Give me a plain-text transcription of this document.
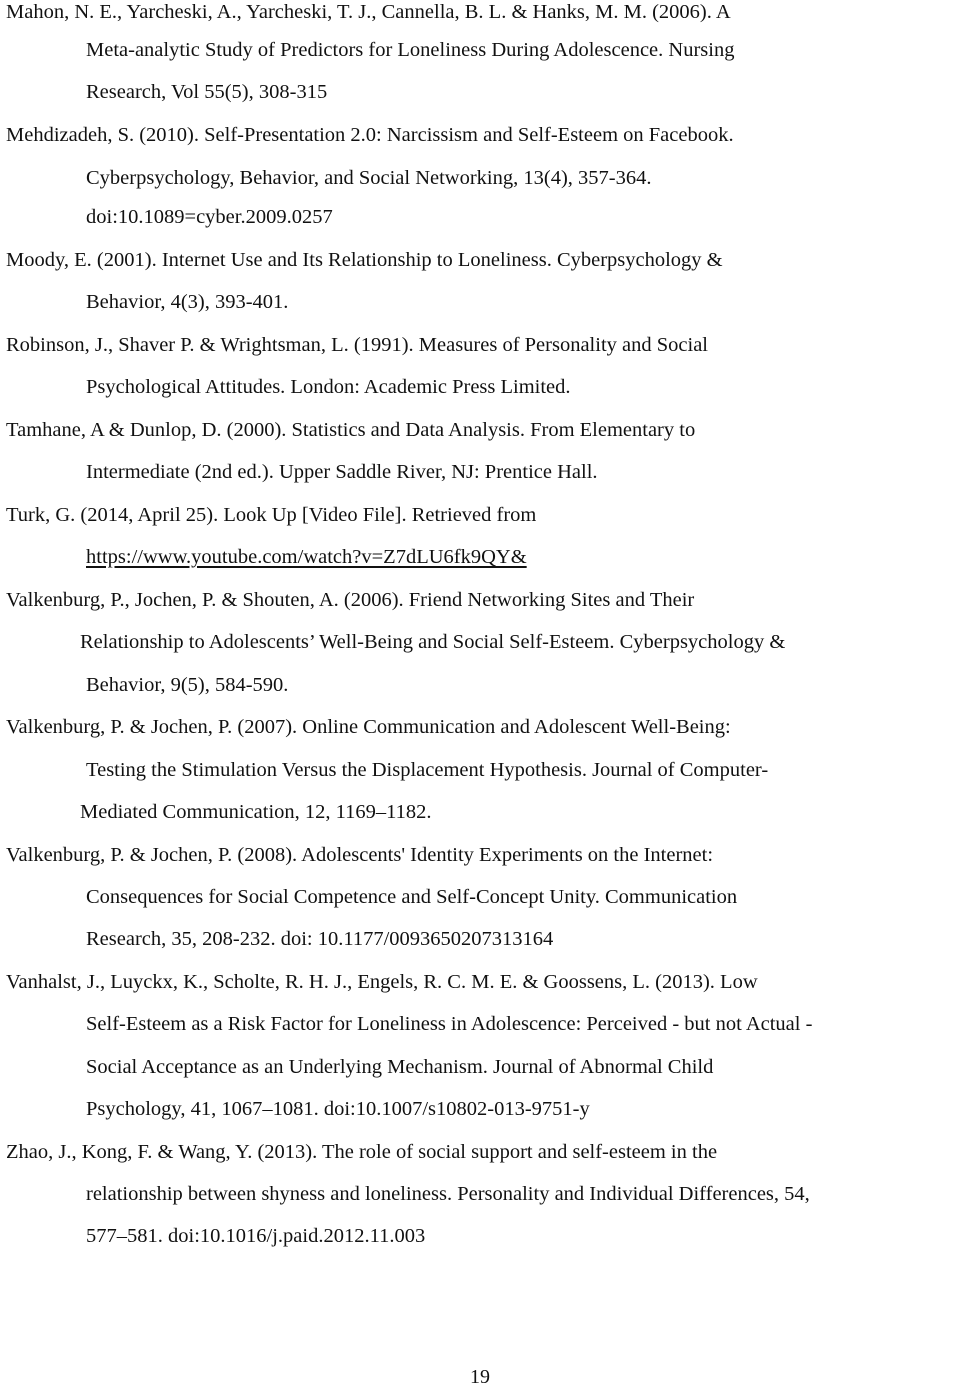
Mahon, N. E., Yarcheski, A., Yarcheski, T. J., Cannella, B. L. & Hanks, M. M. (2006). A
Meta-analytic Study of Predictors for Loneliness During Adolescence. Nursing
Research, Vol 55(5), 308-315
Mehdizadeh, S. (2010). Self-Presentation 2.0: Narcissism and Self-Esteem on Facebook.
Cyberpsychology, Behavior, and Social Networking, 13(4), 357-364.
doi:10.1089=cyber.2009.0257
Moody, E. (2001). Internet Use and Its Relationship to Loneliness. Cyberpsychology &
Behavior, 4(3), 393-401.
Robinson, J., Shaver P. & Wrightsman, L. (1991). Measures of Personality and Social
Psychological Attitudes. London: Academic Press Limited.
Tamhane, A & Dunlop, D. (2000). Statistics and Data Analysis. From Elementary to
Intermediate (2nd ed.). Upper Saddle River, NJ: Prentice Hall.
Turk, G. (2014, April 25). Look Up [Video File]. Retrieved from
https://www.youtube.com/watch?v=Z7dLU6fk9QY&
Valkenburg, P., Jochen, P. & Shouten, A. (2006). Friend Networking Sites and Their
Relationship to Adolescents’ Well-Being and Social Self-Esteem. Cyberpsychology &
Behavior, 9(5), 584-590.
Valkenburg, P. & Jochen, P. (2007). Online Communication and Adolescent Well-Being:
Testing the Stimulation Versus the Displacement Hypothesis. Journal of Computer-
Mediated Communication, 12, 1169–1182.
Valkenburg, P. & Jochen, P. (2008). Adolescents' Identity Experiments on the Internet:
Consequences for Social Competence and Self-Concept Unity. Communication
Research, 35, 208-232. doi: 10.1177/0093650207313164
Vanhalst, J., Luyckx, K., Scholte, R. H. J., Engels, R. C. M. E. & Goossens, L. (2013). Low
Self-Esteem as a Risk Factor for Loneliness in Adolescence: Perceived - but not Actual -
Social Acceptance as an Underlying Mechanism. Journal of Abnormal Child
Psychology, 41, 1067–1081. doi:10.1007/s10802-013-9751-y
Zhao, J., Kong, F. & Wang, Y. (2013). The role of social support and self-esteem in the
relationship between shyness and loneliness. Personality and Individual Differences, 54,
577–581. doi:10.1016/j.paid.2012.11.003
19
